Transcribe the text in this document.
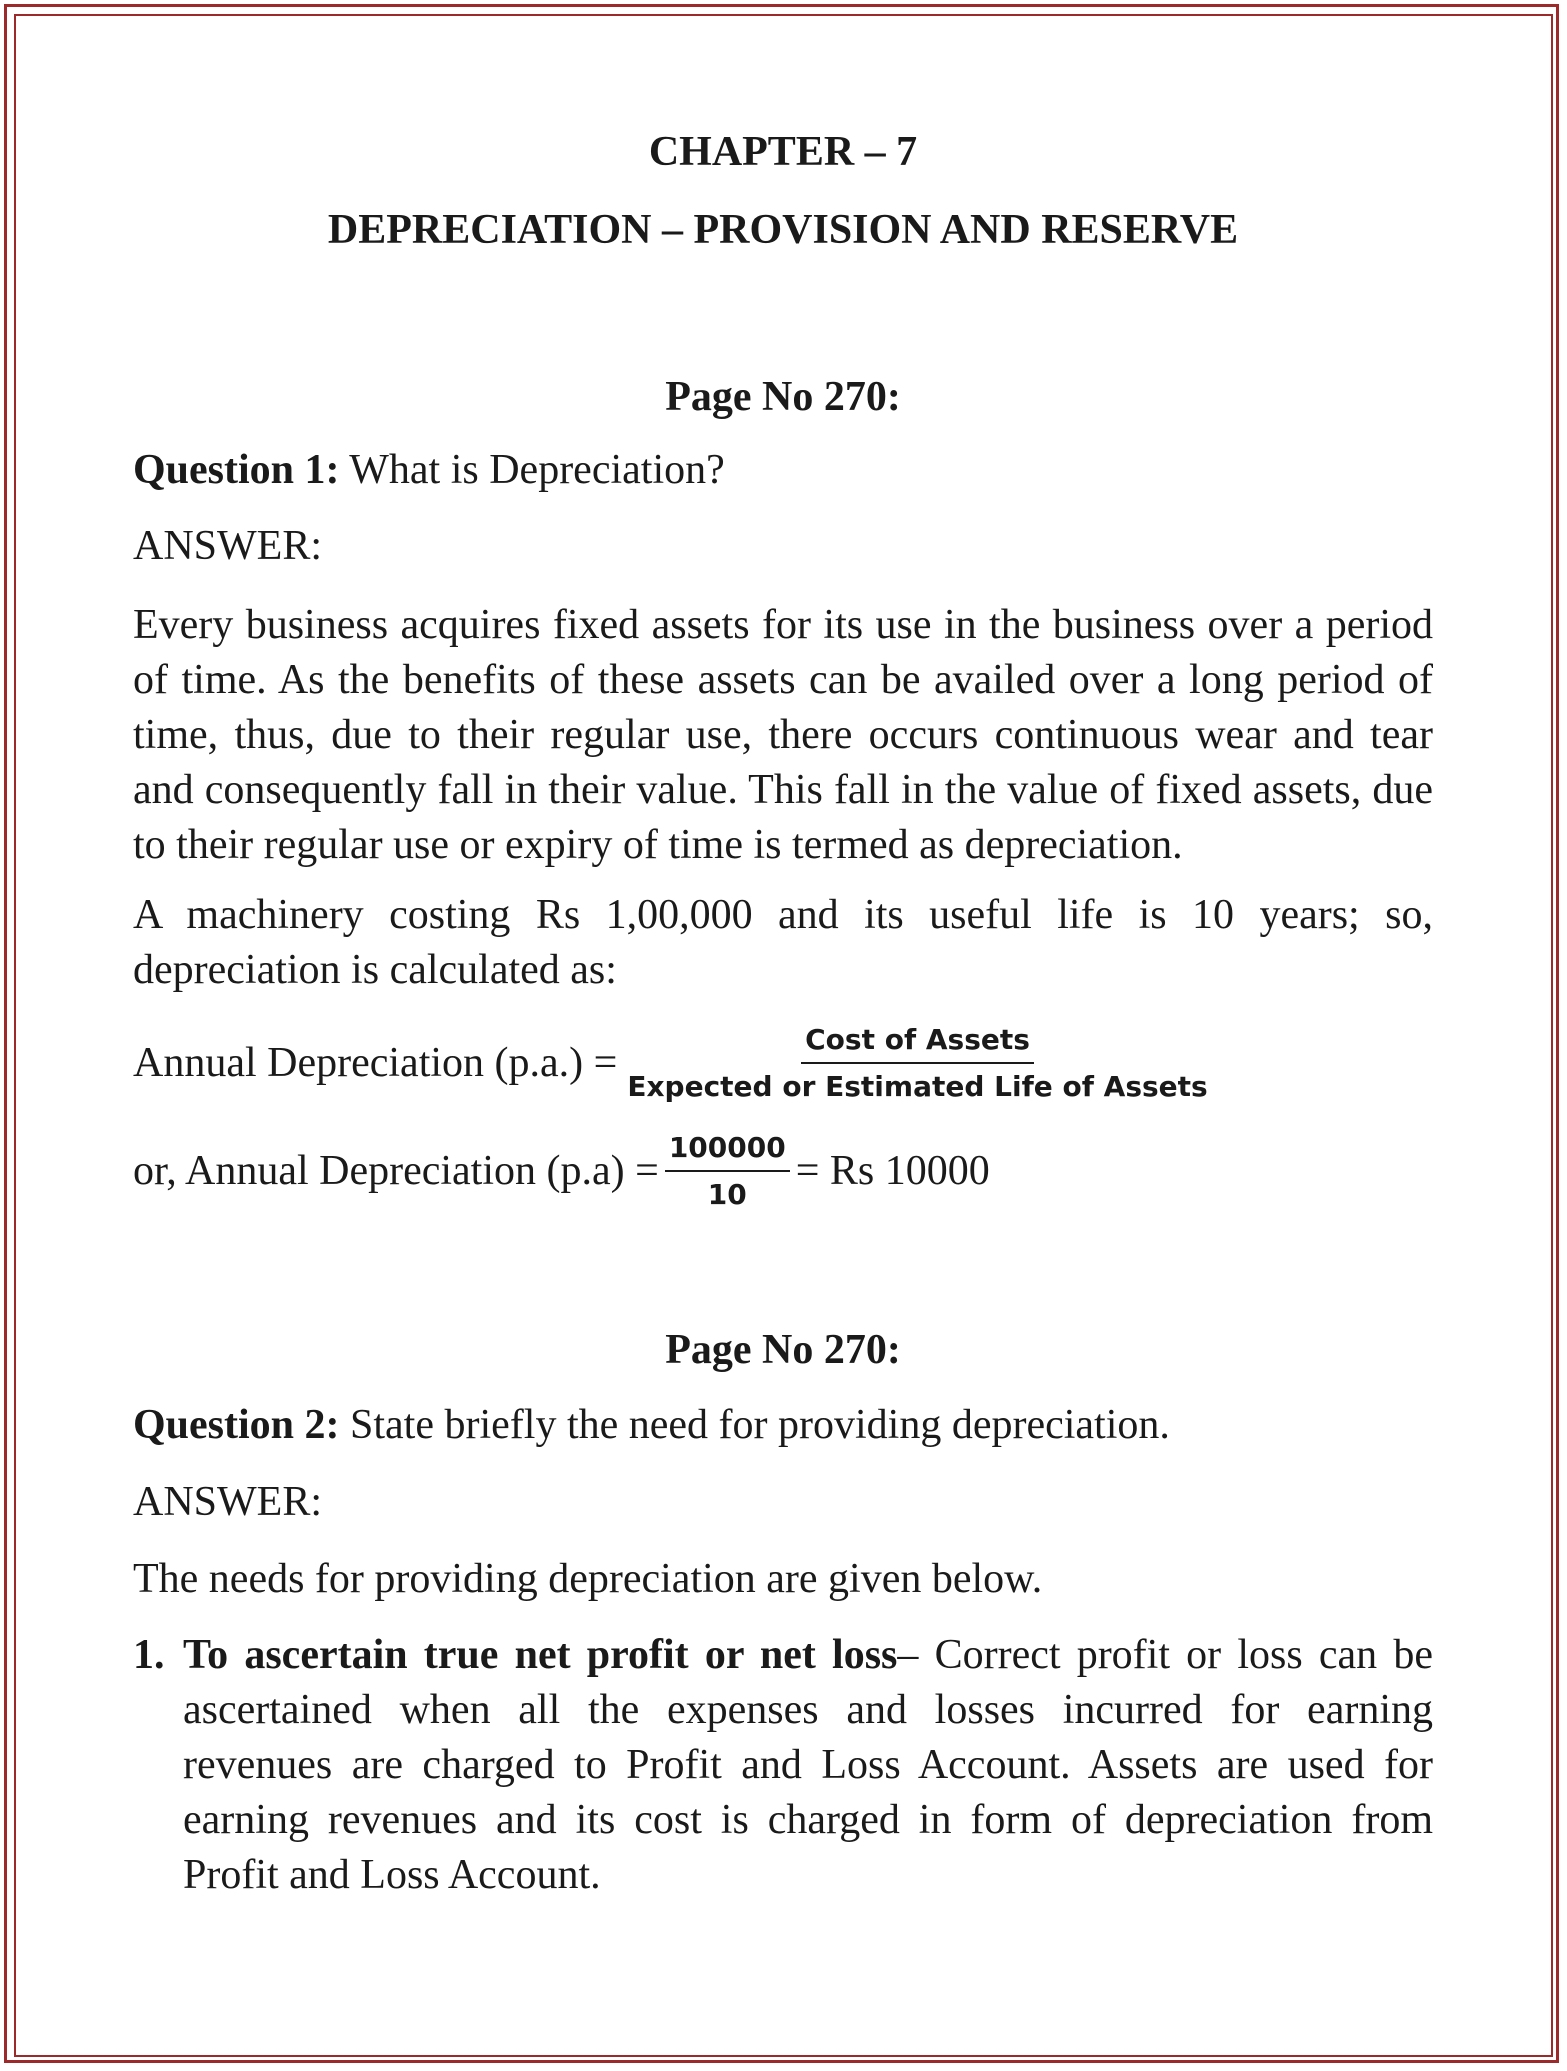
CHAPTER – 7
DEPRECIATION – PROVISION AND RESERVE
Page No 270:
Question 1: What is Depreciation?
ANSWER:
Every business acquires fixed assets for its use in the business over a period of time. As the benefits of these assets can be availed over a long period of time, thus, due to their regular use, there occurs continuous wear and tear and consequently fall in their value. This fall in the value of fixed assets, due to their regular use or expiry of time is termed as depreciation.
A machinery costing Rs 1,00,000 and its useful life is 10 years; so, depreciation is calculated as:
Annual Depreciation $(p.a.) = \frac{\text{Cost of Assets}}{\text{Expected or Estimated Life of Assets}}$
or, Annual Depreciation $(p.a) = \frac{100000}{10} = Rs$ 10000
Page No 270:
Question 2: State briefly the need for providing depreciation.
ANSWER:
The needs for providing depreciation are given below.
1. To ascertain true net profit or net loss– Correct profit or loss can be ascertained when all the expenses and losses incurred for earning revenues are charged to Profit and Loss Account. Assets are used for earning revenues and its cost is charged in form of depreciation from Profit and Loss Account.
